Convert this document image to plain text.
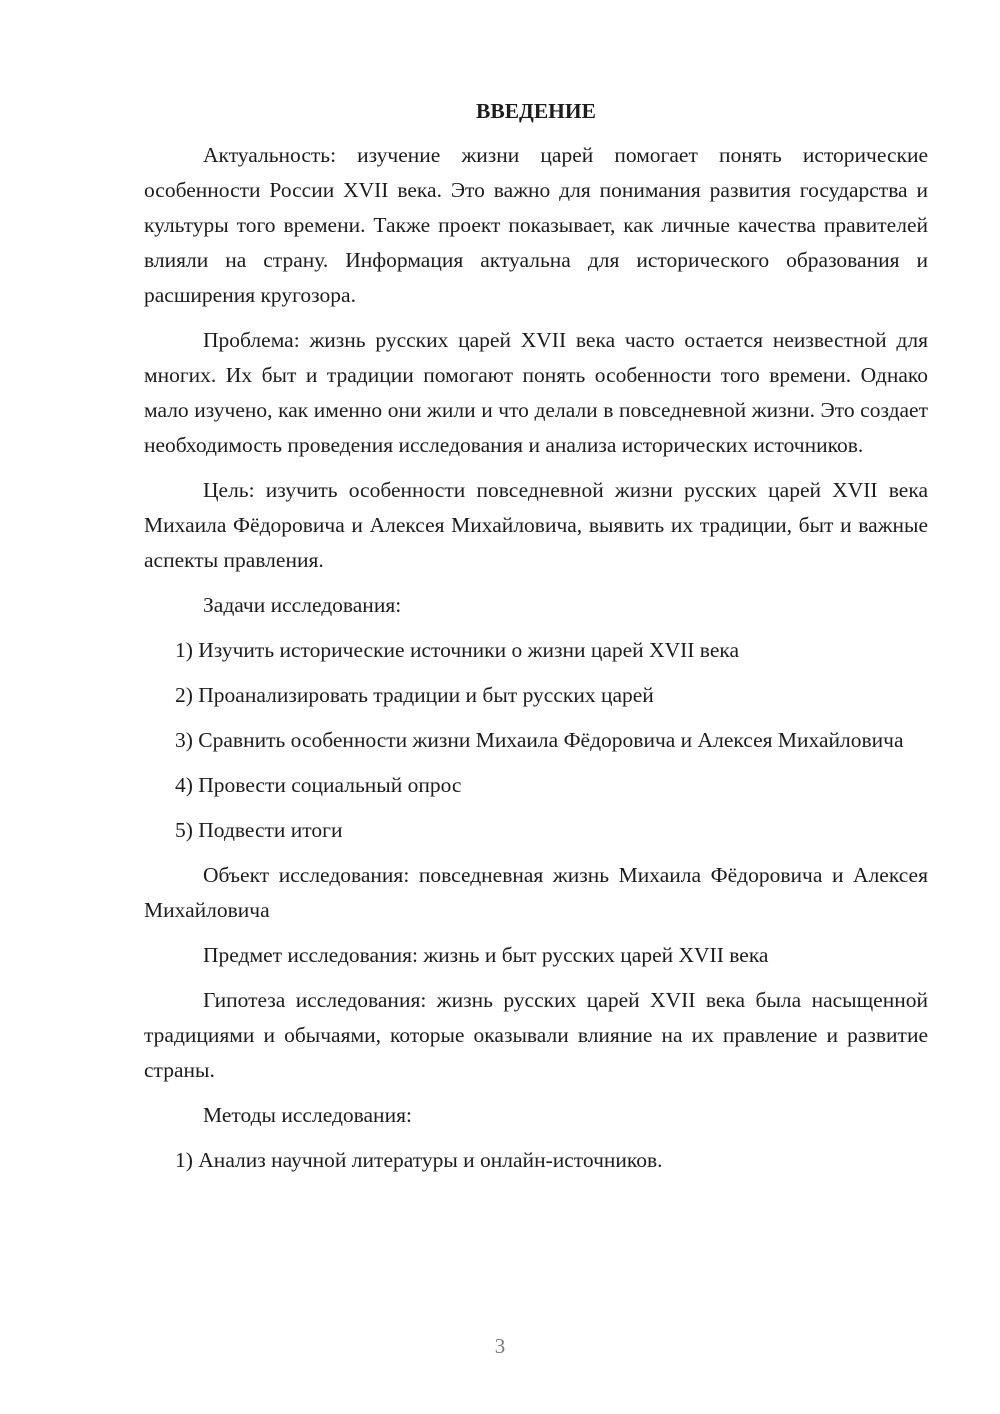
ВВЕДЕНИЕ

Актуальность: изучение жизни царей помогает понять исторические особенности России XVII века. Это важно для понимания развития государства и культуры того времени. Также проект показывает, как личные качества правителей влияли на страну. Информация актуальна для исторического образования и расширения кругозора.

Проблема: жизнь русских царей XVII века часто остается неизвестной для многих. Их быт и традиции помогают понять особенности того времени. Однако мало изучено, как именно они жили и что делали в повседневной жизни. Это создает необходимость проведения исследования и анализа исторических источников.

Цель: изучить особенности повседневной жизни русских царей XVII века Михаила Фёдоровича и Алексея Михайловича, выявить их традиции, быт и важные аспекты правления.

Задачи исследования:

1) Изучить исторические источники о жизни царей XVII века

2) Проанализировать традиции и быт русских царей

3) Сравнить особенности жизни Михаила Фёдоровича и Алексея Михайловича

4) Провести социальный опрос

5) Подвести итоги

Объект исследования: повседневная жизнь Михаила Фёдоровича и Алексея Михайловича

Предмет исследования: жизнь и быт русских царей XVII века

Гипотеза исследования: жизнь русских царей XVII века была насыщенной традициями и обычаями, которые оказывали влияние на их правление и развитие страны.

Методы исследования:

1) Анализ научной литературы и онлайн-источников.

3
